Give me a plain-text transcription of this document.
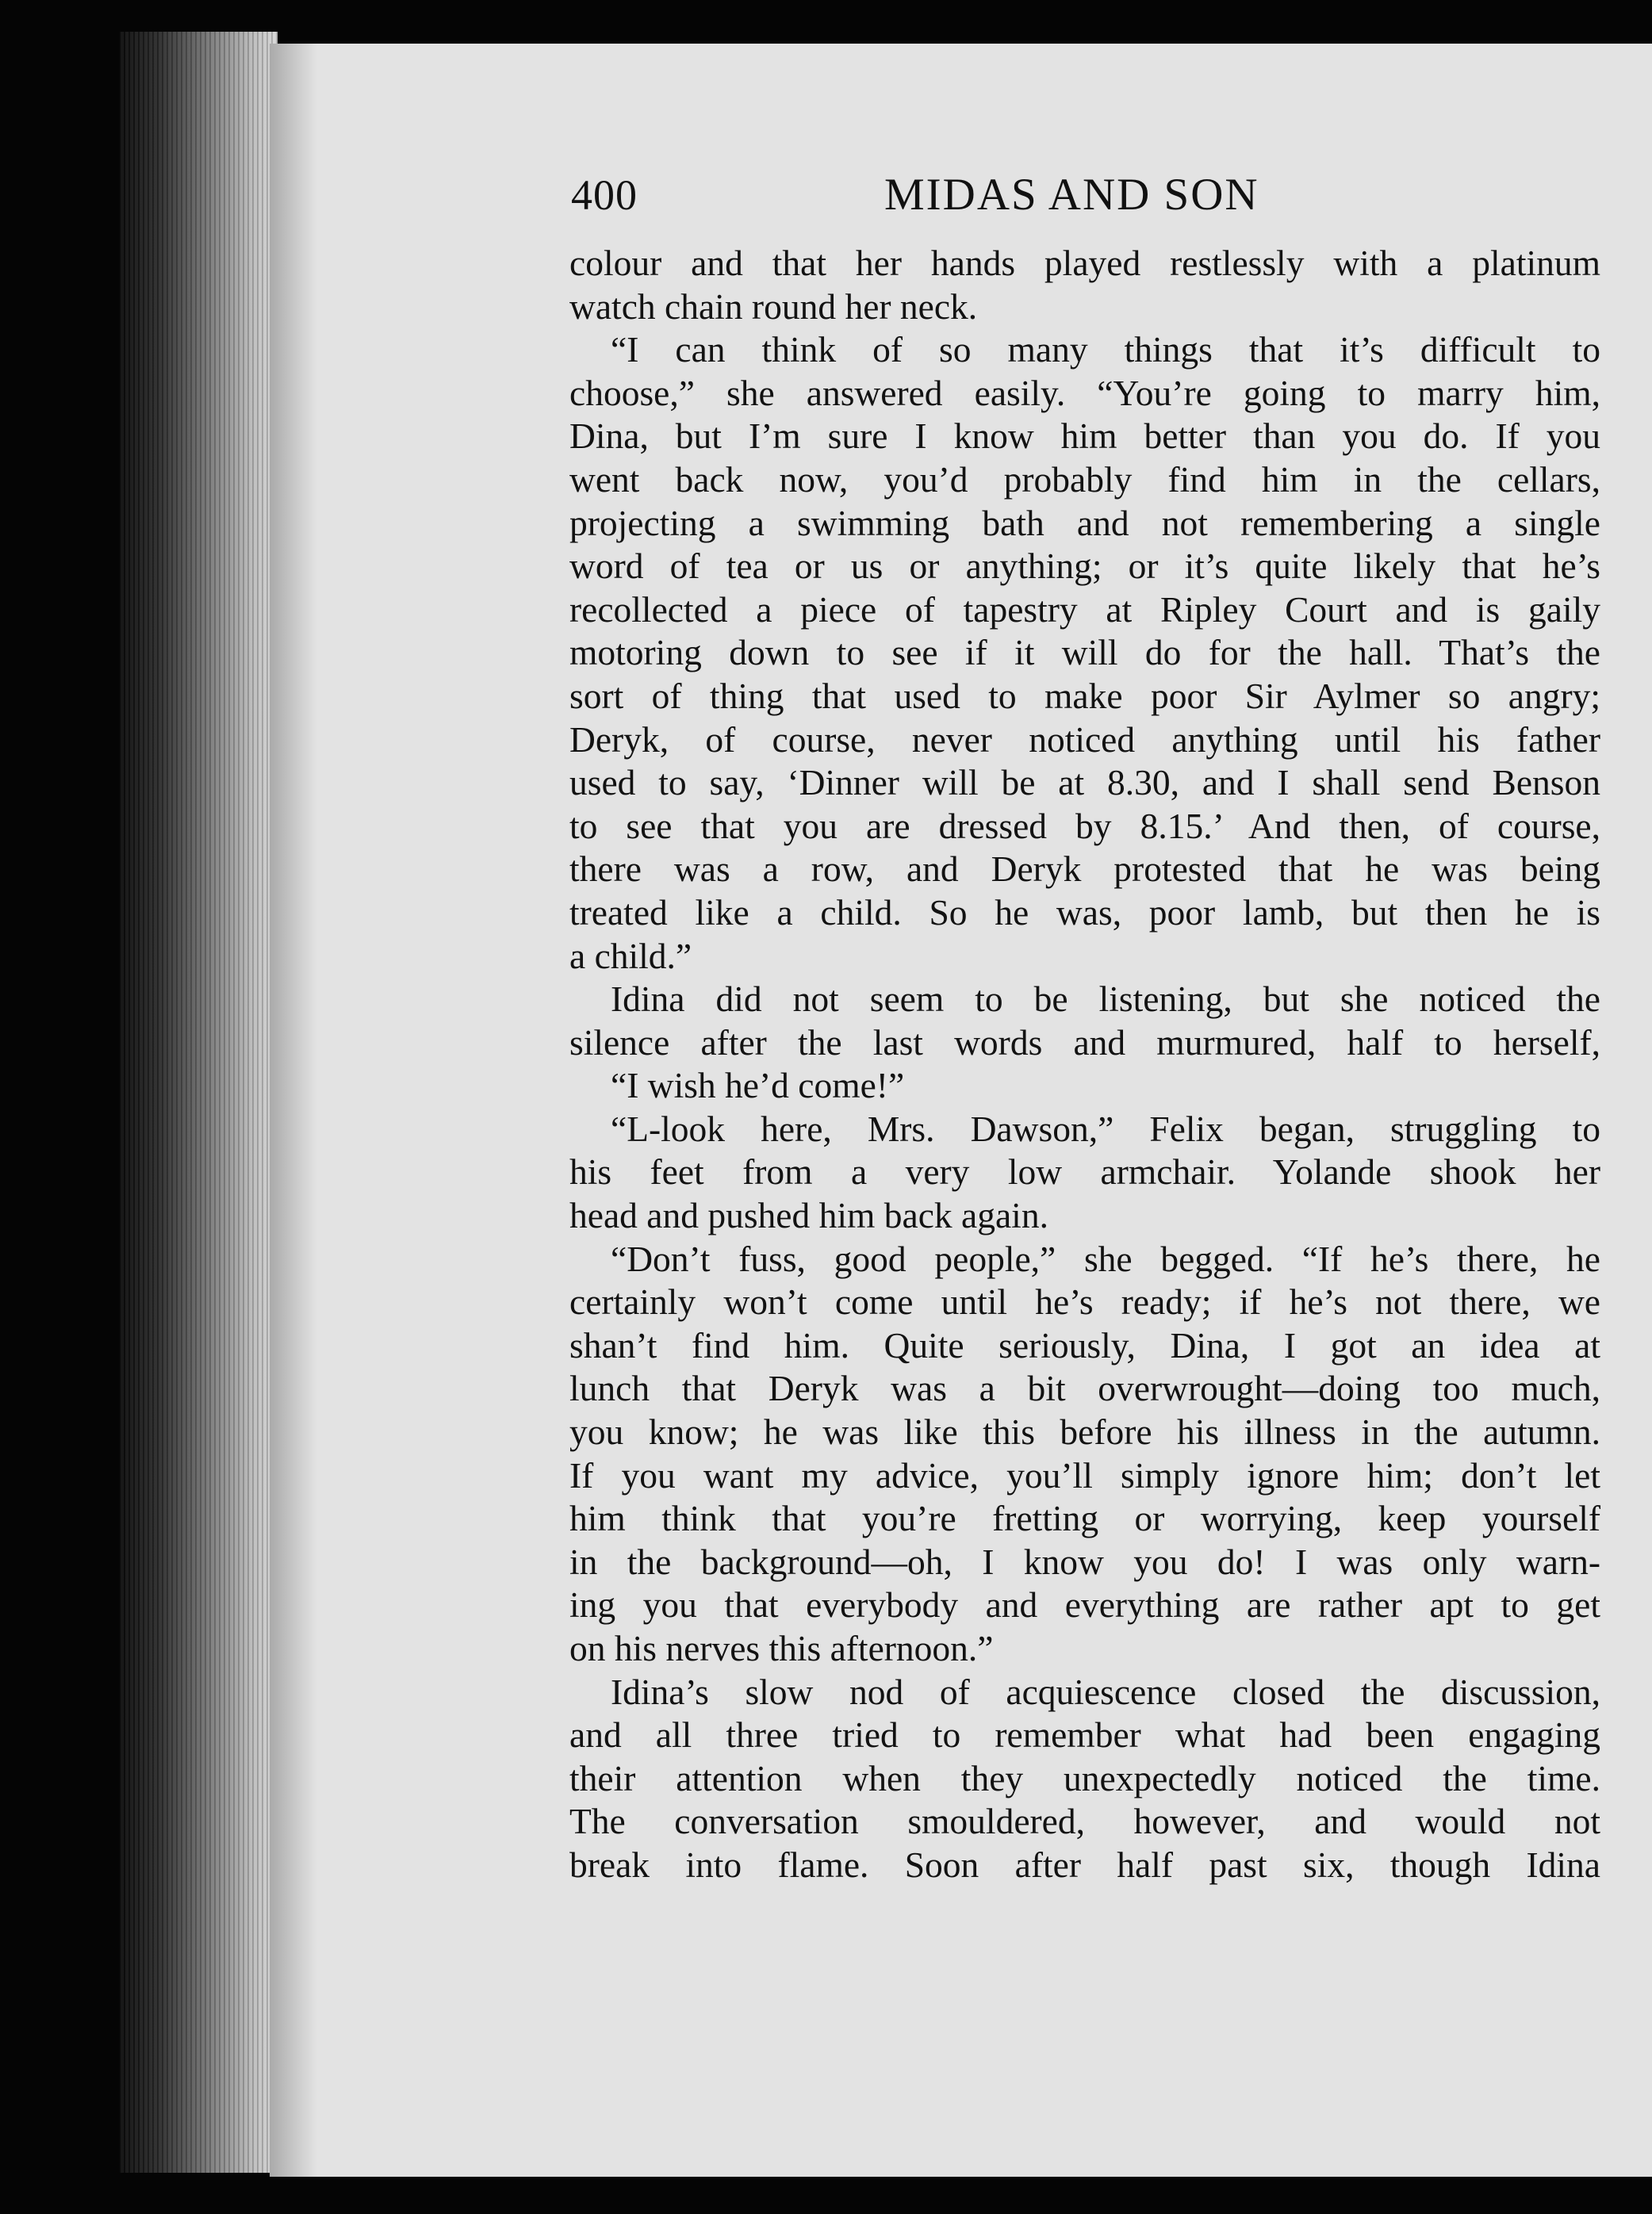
400	MIDAS AND SON
colour and that her hands played restlessly with a platinum
watch chain round her neck.
“I can think of so many things that it’s difficult to
choose,” she answered easily. “You’re going to marry him,
Dina, but I’m sure I know him better than you do. If you
went back now, you’d probably find him in the cellars,
projecting a swimming bath and not remembering a single
word of tea or us or anything; or it’s quite likely that he’s
recollected a piece of tapestry at Ripley Court and is gaily
motoring down to see if it will do for the hall. That’s the
sort of thing that used to make poor Sir Aylmer so angry;
Deryk, of course, never noticed anything until his father
used to say, ‘Dinner will be at 8.30, and I shall send Benson
to see that you are dressed by 8.15.’ And then, of course,
there was a row, and Deryk protested that he was being
treated like a child. So he was, poor lamb, but then he is
a child.”
Idina did not seem to be listening, but she noticed the
silence after the last words and murmured, half to herself,
“I wish he’d come!”
“L-look here, Mrs. Dawson,” Felix began, struggling to
his feet from a very low armchair. Yolande shook her
head and pushed him back again.
“Don’t fuss, good people,” she begged. “If he’s there, he
certainly won’t come until he’s ready; if he’s not there, we
shan’t find him. Quite seriously, Dina, I got an idea at
lunch that Deryk was a bit overwrought—doing too much,
you know; he was like this before his illness in the autumn.
If you want my advice, you’ll simply ignore him; don’t let
him think that you’re fretting or worrying, keep yourself
in the background—oh, I know you do! I was only warn-
ing you that everybody and everything are rather apt to get
on his nerves this afternoon.”
Idina’s slow nod of acquiescence closed the discussion,
and all three tried to remember what had been engaging
their attention when they unexpectedly noticed the time.
The conversation smouldered, however, and would not
break into flame. Soon after half past six, though Idina
